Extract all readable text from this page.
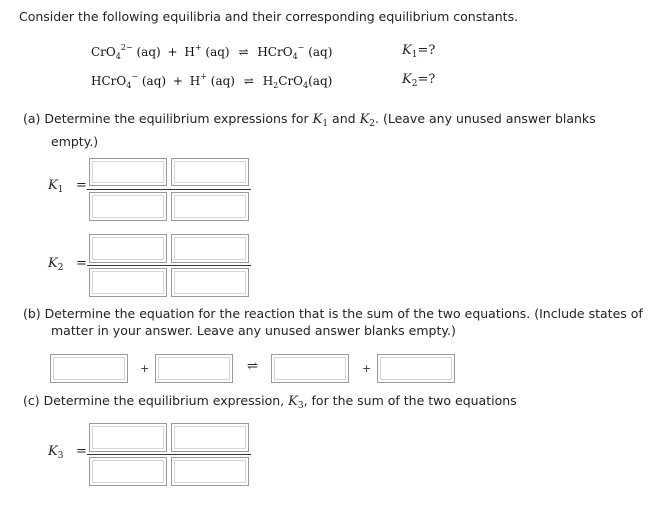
Consider the following equilibria and their corresponding equilibrium constants.
CrO$_4^{2-}$ (aq) + H+ (aq) ⇌ HCrO$_4$− (aq)	$K_1=$?
HCrO$_4$− (aq) + H+ (aq) ⇌ $H_2CrO_4(aq)$	$K_2=$?
(a) Determine the equilibrium expressions for $K_1$ and $K_2$. (Leave any unused answer blanks
empty.)
$K_1$ =
$K_2$ =
(b) Determine the equation for the reaction that is the sum of the two equations. (Include states of
matter in your answer. Leave any unused answer blanks empty.)
+	⇌	+
(c) Determine the equilibrium expression, $K_3$, for the sum of the two equations
$K_3$ =
